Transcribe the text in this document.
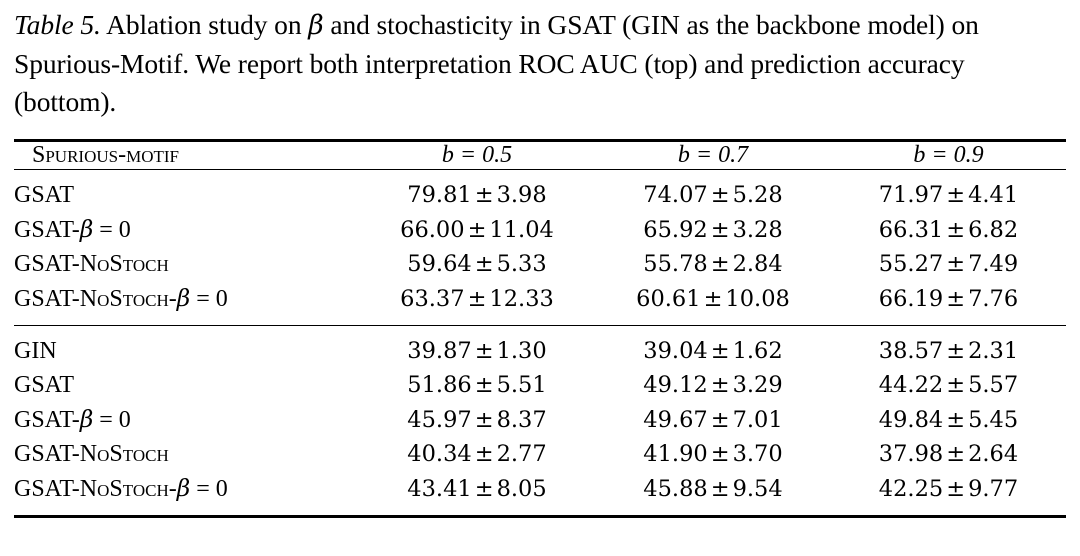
Table 5. Ablation study on β and stochasticity in GSAT (GIN as the backbone model) on Spurious-Motif. We report both interpretation ROC AUC (top) and prediction accuracy (bottom).

Spurious-motif	b = 0.5	b = 0.7	b = 0.9

GSAT	79.81 ± 3.98	74.07 ± 5.28	71.97 ± 4.41
GSAT-β = 0	66.00 ± 11.04	65.92 ± 3.28	66.31 ± 6.82
GSAT-NoStoch	59.64 ± 5.33	55.78 ± 2.84	55.27 ± 7.49
GSAT-NoStoch-β = 0	63.37 ± 12.33	60.61 ± 10.08	66.19 ± 7.76

GIN	39.87 ± 1.30	39.04 ± 1.62	38.57 ± 2.31
GSAT	51.86 ± 5.51	49.12 ± 3.29	44.22 ± 5.57
GSAT-β = 0	45.97 ± 8.37	49.67 ± 7.01	49.84 ± 5.45
GSAT-NoStoch	40.34 ± 2.77	41.90 ± 3.70	37.98 ± 2.64
GSAT-NoStoch-β = 0	43.41 ± 8.05	45.88 ± 9.54	42.25 ± 9.77
